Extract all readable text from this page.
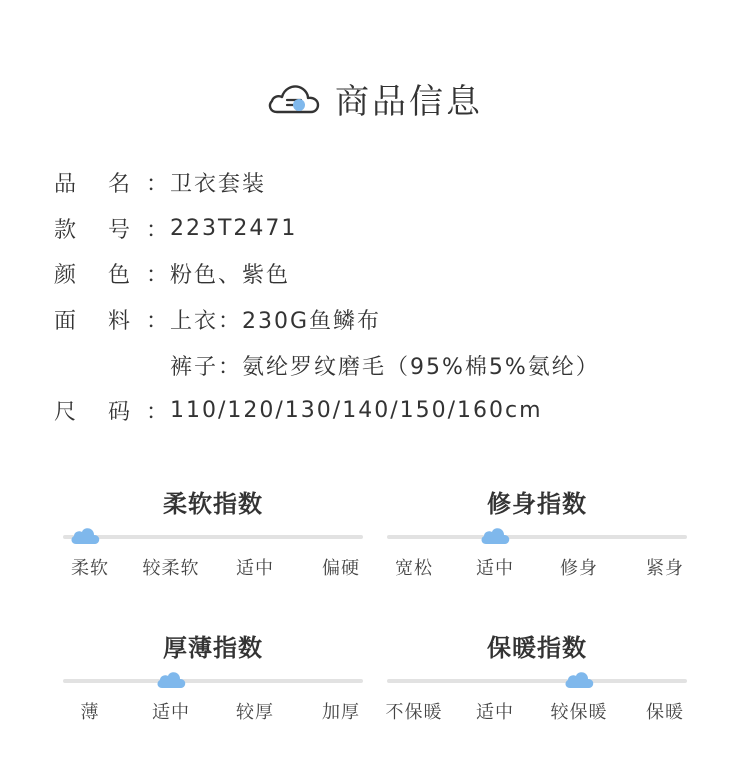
商品信息
品	名 ： 卫衣套装
款	号 ： 223T2471
颜	色 ： 粉色、紫色
面	料 ： 上衣：230G鱼鳞布
裤子：氨纶罗纹磨毛（95%棉5%氨纶）
尺	码 ： 110/120/130/140/150/160cm
柔软指数
柔软 较柔软 适中	偏硬
修身指数
宽松 适中	修身	紧身
厚薄指数
薄	适中	较厚	加厚
保暖指数
不保暖 适中 较保暖 保暖
